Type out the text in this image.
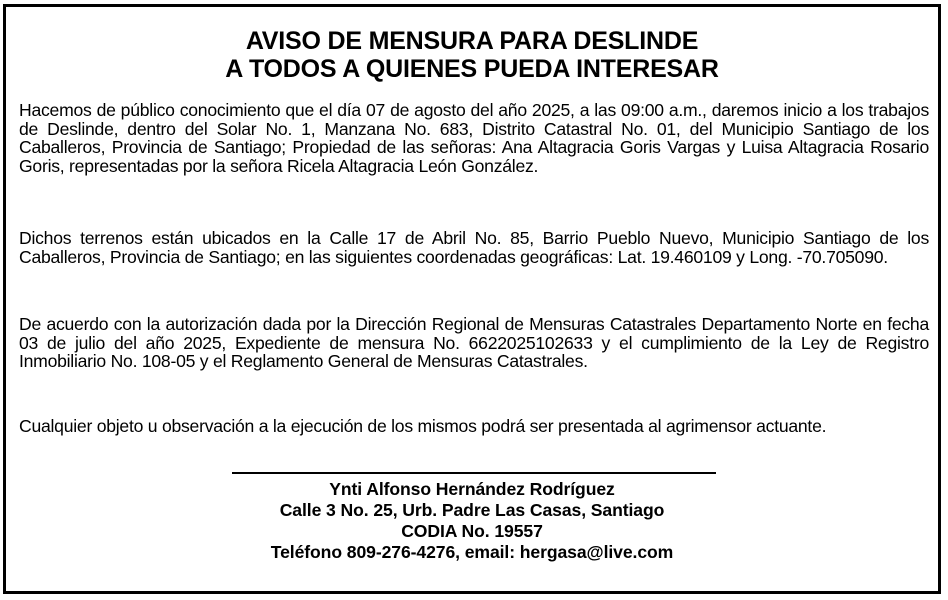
AVISO DE MENSURA PARA DESLINDE
A TODOS A QUIENES PUEDA INTERESAR

Hacemos de público conocimiento que el día 07 de agosto del año 2025, a las 09:00 a.m., daremos inicio a los trabajos de Deslinde, dentro del Solar No. 1, Manzana No. 683, Distrito Catastral No. 01, del Municipio Santiago de los Caballeros, Provincia de Santiago; Propiedad de las señoras: Ana Altagracia Goris Vargas y Luisa Altagracia Rosario Goris, representadas por la señora Ricela Altagracia León González.

Dichos terrenos están ubicados en la Calle 17 de Abril No. 85, Barrio Pueblo Nuevo, Municipio Santiago de los Caballeros, Provincia de Santiago; en las siguientes coordenadas geográficas: Lat. 19.460109 y Long. -70.705090.

De acuerdo con la autorización dada por la Dirección Regional de Mensuras Catastrales Departamento Norte en fecha 03 de julio del año 2025, Expediente de mensura No. 6622025102633 y el cumplimiento de la Ley de Registro Inmobiliario No. 108-05 y el Reglamento General de Mensuras Catastrales.

Cualquier objeto u observación a la ejecución de los mismos podrá ser presentada al agrimensor actuante.

Ynti Alfonso Hernández Rodríguez

Calle 3 No. 25, Urb. Padre Las Casas, Santiago

CODIA No. 19557

Teléfono 809-276-4276, email: hergasa@live.com
